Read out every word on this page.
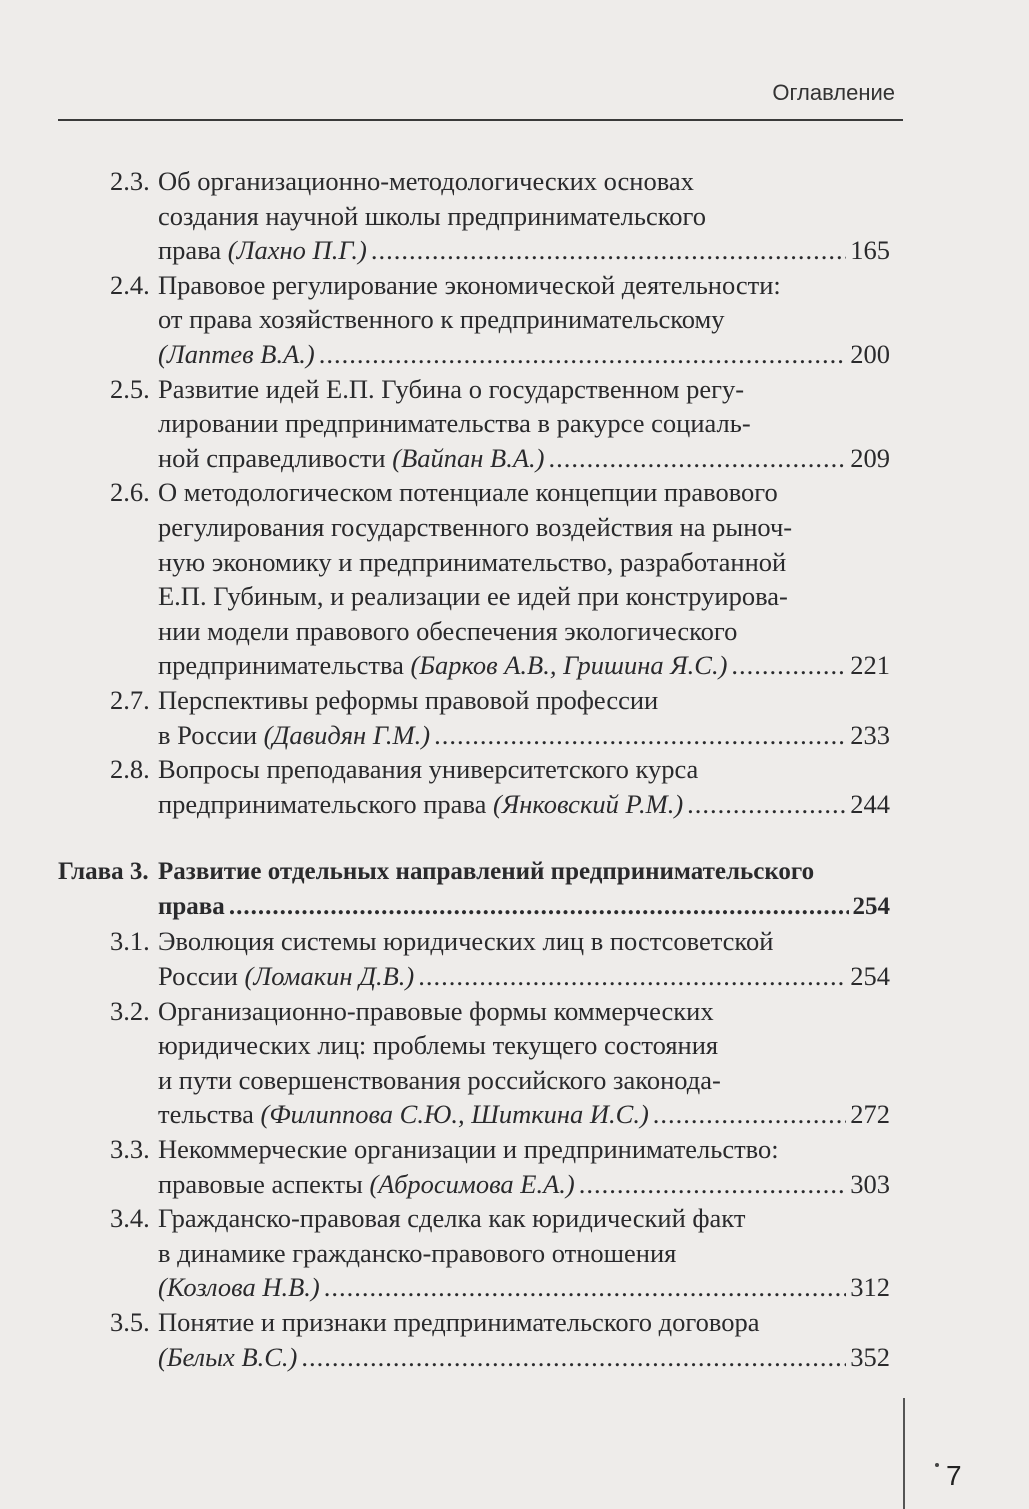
Оглавление
2.3. Об организационно-методологических основах
создания научной школы предпринимательского
права (Лахно П.Г.) .....	165
2.4. Правовое регулирование экономической деятельности:
от права хозяйственного к предпринимательскому
(Лаптев В.А.) .....	200
2.5. Развитие идей Е.П. Губина о государственном регу-
лировании предпринимательства в ракурсе социаль-
ной справедливости (Вайпан В.А.) .....	209
2.6. О методологическом потенциале концепции правового
регулирования государственного воздействия на рыноч-
ную экономику и предпринимательство, разработанной
Е.П. Губиным, и реализации ее идей при конструирова-
нии модели правового обеспечения экологического
предпринимательства (Барков А.В., Гришина Я.С.) .....	221
2.7. Перспективы реформы правовой профессии
в России (Давидян Г.М.) .....	233
2.8. Вопросы преподавания университетского курса
предпринимательского права (Янковский Р.М.) .....	244
Глава 3. Развитие отдельных направлений предпринимательского
права .....	254
3.1. Эволюция системы юридических лиц в постсоветской
России (Ломакин Д.В.) .....	254
3.2. Организационно-правовые формы коммерческих
юридических лиц: проблемы текущего состояния
и пути совершенствования российского законода-
тельства (Филиппова С.Ю., Шиткина И.С.) .....	272
3.3. Некоммерческие организации и предпринимательство:
правовые аспекты (Абросимова Е.А.) .....	303
3.4. Гражданско-правовая сделка как юридический факт
в динамике гражданско-правового отношения
(Козлова Н.В.) .....	312
3.5. Понятие и признаки предпринимательского договора
(Белых В.С.) .....	352
7
